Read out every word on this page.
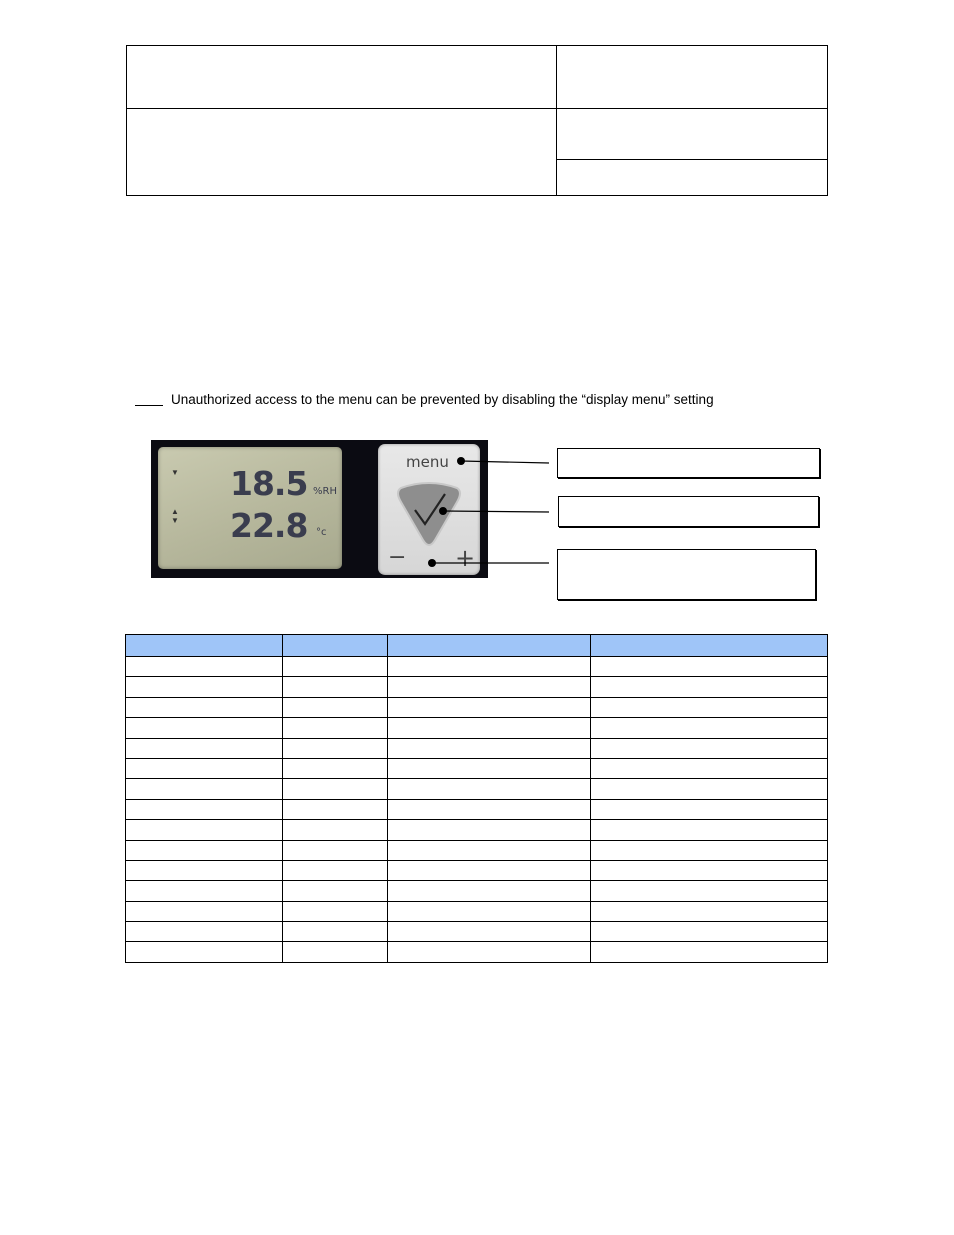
Unauthorized access to the menu can be prevented by disabling the “display menu” setting
▼
▲
▼
18.5 %RH
22.8 °c
menu
− +
